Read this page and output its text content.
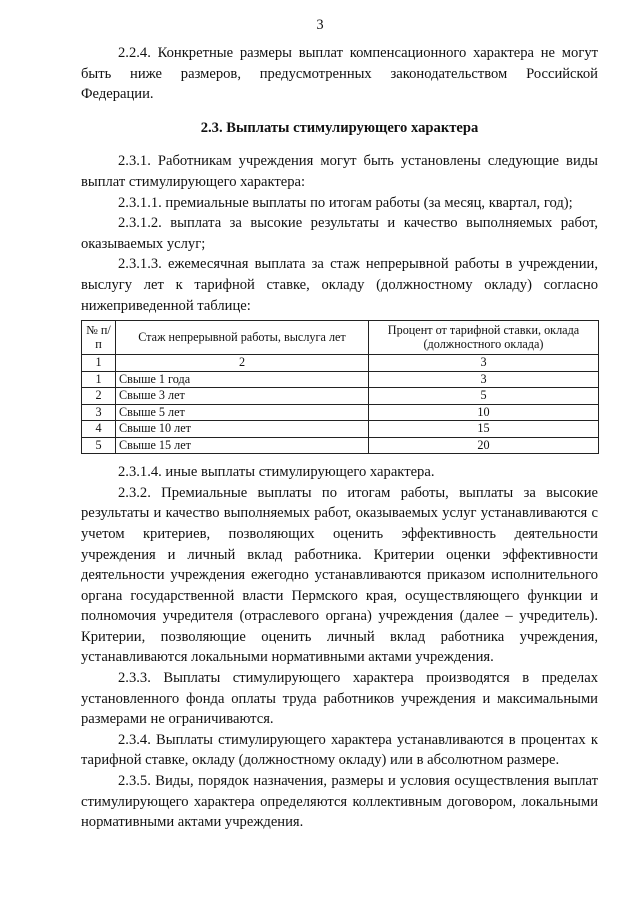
3

2.2.4. Конкретные размеры выплат компенсационного характера не могут быть ниже размеров, предусмотренных законодательством Российской Федерации.

2.3. Выплаты стимулирующего характера

2.3.1. Работникам учреждения могут быть установлены следующие виды выплат стимулирующего характера:

2.3.1.1. премиальные выплаты по итогам работы (за месяц, квартал, год);

2.3.1.2. выплата за высокие результаты и качество выполняемых работ, оказываемых услуг;

2.3.1.3. ежемесячная выплата за стаж непрерывной работы в учреждении, выслугу лет к тарифной ставке, окладу (должностному окладу) согласно нижеприведенной таблице:

№ п/п	Стаж непрерывной работы, выслуга лет	Процент от тарифной ставки, оклада (должностного оклада)
1	2	3
1	Свыше 1 года	3
2	Свыше 3 лет	5
3	Свыше 5 лет	10
4	Свыше 10 лет	15
5	Свыше 15 лет	20

2.3.1.4. иные выплаты стимулирующего характера.

2.3.2. Премиальные выплаты по итогам работы, выплаты за высокие результаты и качество выполняемых работ, оказываемых услуг устанавливаются с учетом критериев, позволяющих оценить эффективность деятельности учреждения и личный вклад работника. Критерии оценки эффективности деятельности учреждения ежегодно устанавливаются приказом исполнительного органа государственной власти Пермского края, осуществляющего функции и полномочия учредителя (отраслевого органа) учреждения (далее – учредитель). Критерии, позволяющие оценить личный вклад работника учреждения, устанавливаются локальными нормативными актами учреждения.

2.3.3. Выплаты стимулирующего характера производятся в пределах установленного фонда оплаты труда работников учреждения и максимальными размерами не ограничиваются.

2.3.4. Выплаты стимулирующего характера устанавливаются в процентах к тарифной ставке, окладу (должностному окладу) или в абсолютном размере.

2.3.5. Виды, порядок назначения, размеры и условия осуществления выплат стимулирующего характера определяются коллективным договором, локальными нормативными актами учреждения.
